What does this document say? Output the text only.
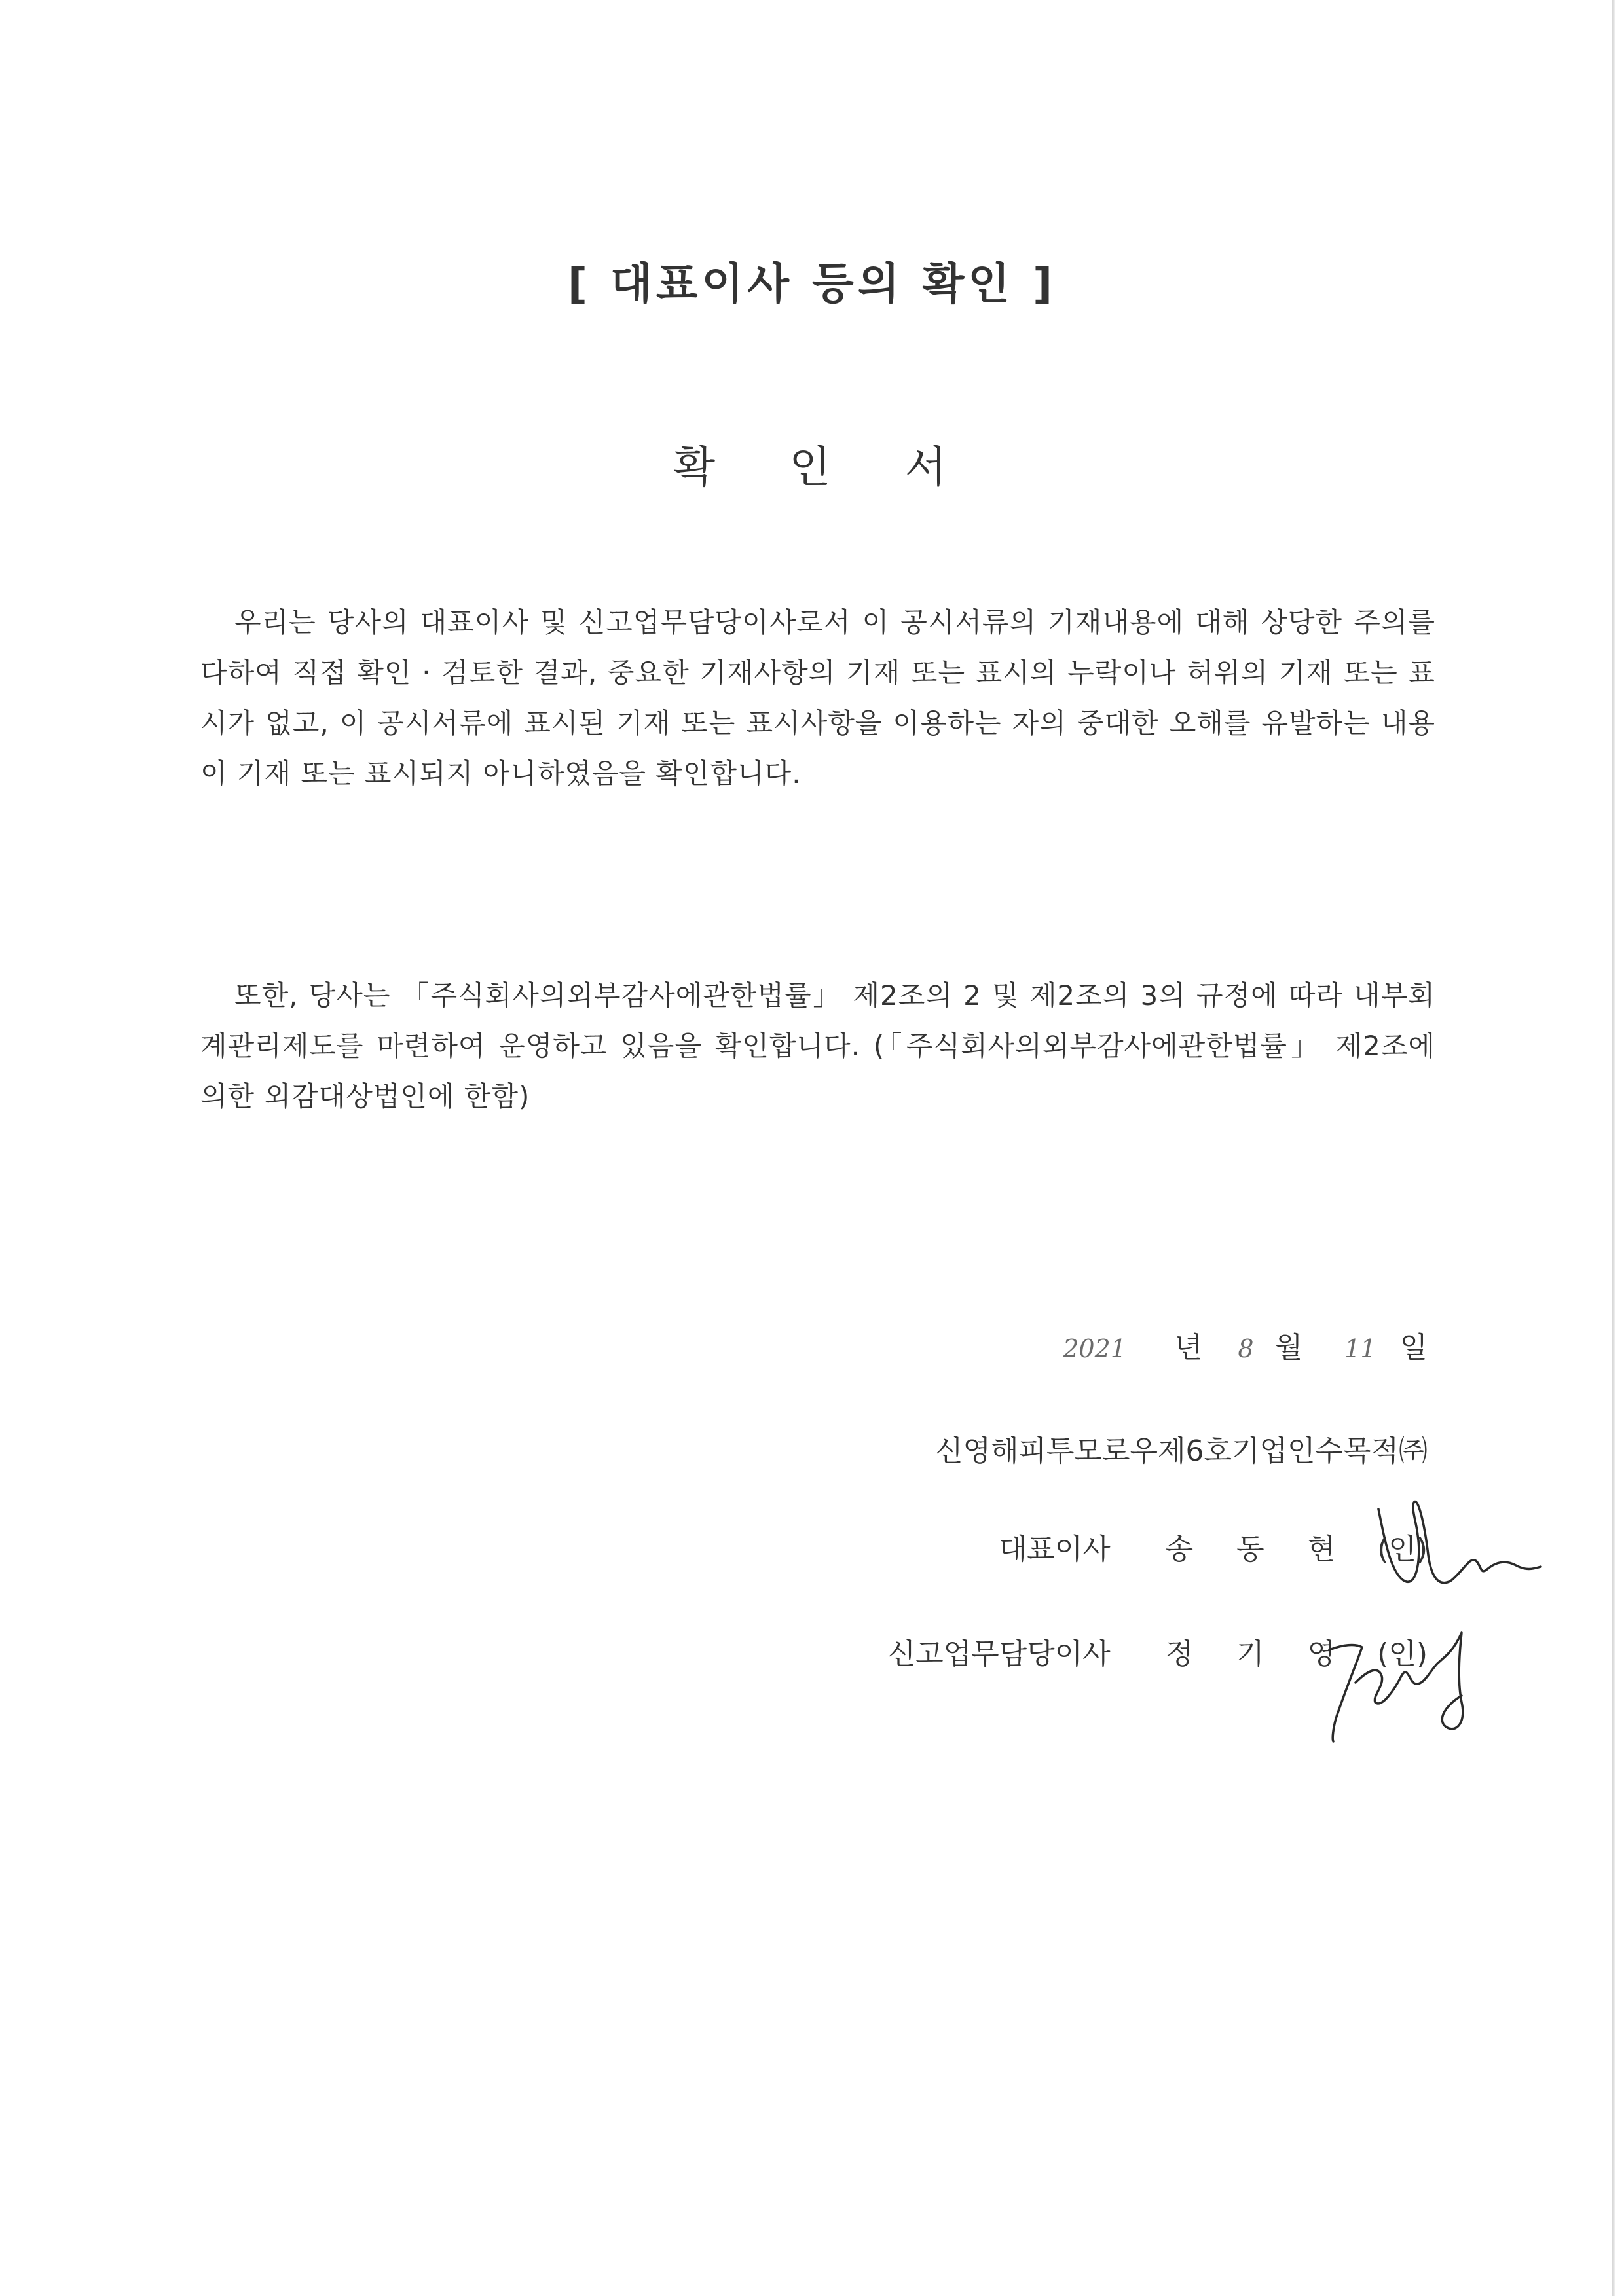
[ 대표이사 등의 확인 ]
확 인 서

우리는 당사의 대표이사 및 신고업무담당이사로서 이 공시서류의 기재내용에 대해 상당한 주의를 다하여 직접 확인 · 검토한 결과, 중요한 기재사항의 기재 또는 표시의 누락이나 허위의 기재 또는 표시가 없고, 이 공시서류에 표시된 기재 또는 표시사항을 이용하는 자의 중대한 오해를 유발하는 내용이 기재 또는 표시되지 아니하였음을 확인합니다.

또한, 당사는 「주식회사의외부감사에관한법률」 제2조의 2 및 제2조의 3의 규정에 따라 내부회계관리제도를 마련하여 운영하고 있음을 확인합니다. (「주식회사의외부감사에관한법률」 제2조에 의한 외감대상법인에 한함)

2021 년 8 월 11 일
신영해피투모로우제6호기업인수목적㈜
대표이사 송 동 현 (인)
신고업무담당이사 정 기 영 (인)
